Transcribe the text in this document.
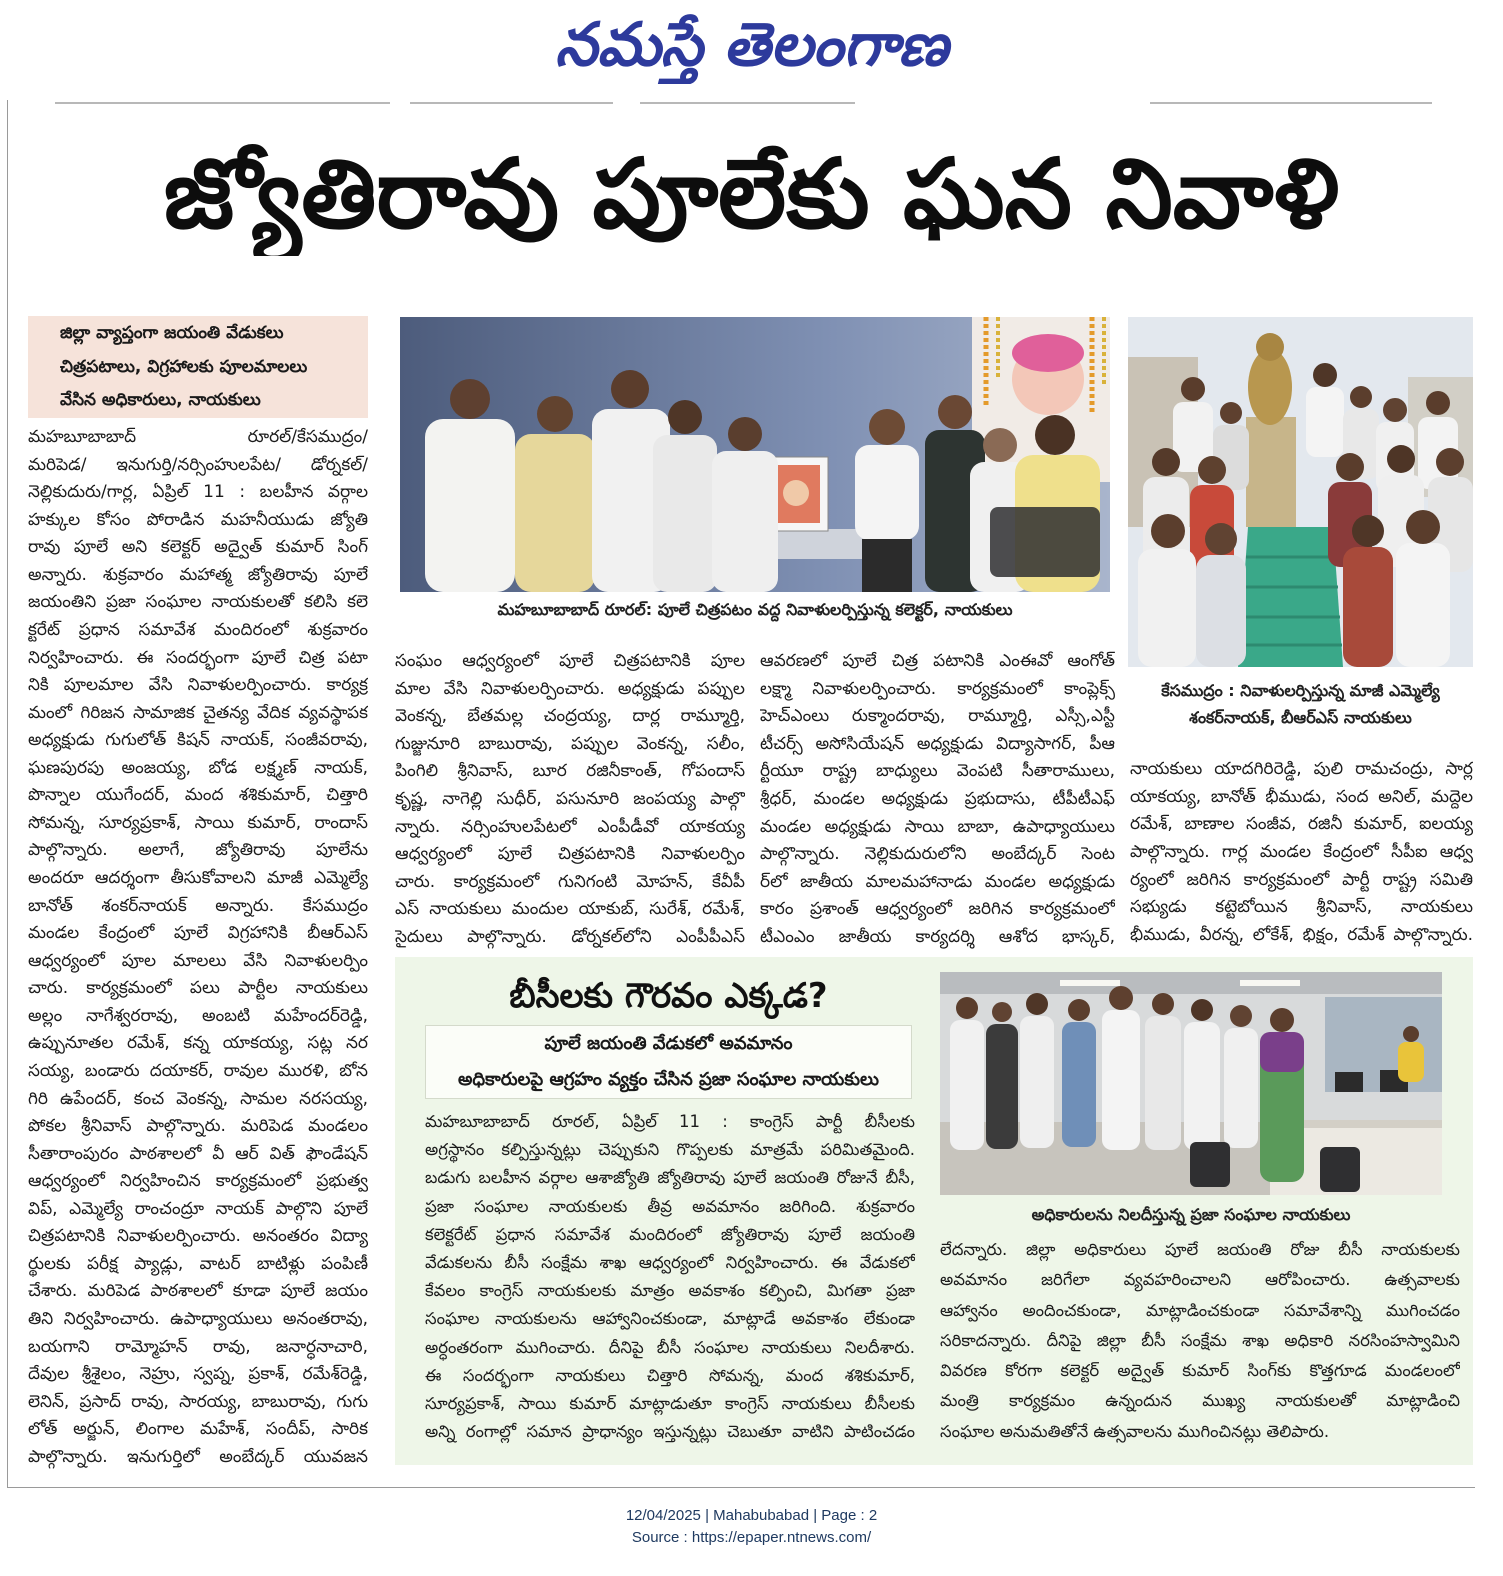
నమస్తే తెలంగాణ
జ్యోతిరావు పూలేకు ఘన నివాళి
జిల్లా వ్యాప్తంగా జయంతి వేడుకలు
చిత్రపటాలు, విగ్రహాలకు పూలమాలలు
వేసిన అధికారులు, నాయకులు
మహబూబాబాద్ రూరల్/కేసముద్రం/
మరిపెడ/ ఇనుగుర్తి/నర్సింహులపేట/ డోర్నకల్/
నెల్లికుదురు/గార్ల, ఏప్రిల్ 11 : బలహీన వర్గాల
హక్కుల కోసం పోరాడిన మహనీయుడు జ్యోతి
రావు పూలే అని కలెక్టర్ అద్వైత్ కుమార్ సింగ్
అన్నారు. శుక్రవారం మహాత్మ జ్యోతిరావు పూలే
జయంతిని ప్రజా సంఘాల నాయకులతో కలిసి కలె
క్టరేట్ ప్రధాన సమావేశ మందిరంలో శుక్రవారం
నిర్వహించారు. ఈ సందర్భంగా పూలే చిత్ర పటా
నికి పూలమాల వేసి నివాళులర్పించారు. కార్యక్ర
మంలో గిరిజన సామాజిక చైతన్య వేదిక వ్యవస్థాపక
అధ్యక్షుడు గుగులోత్ కిషన్ నాయక్, సంజీవరావు,
ఘణపురపు అంజయ్య, బోడ లక్ష్మణ్ నాయక్,
పొన్నాల యుగేందర్, మంద శశికుమార్, చిత్తారి
సోమన్న, సూర్యప్రకాశ్, సాయి కుమార్, రాందాస్
పాల్గొన్నారు. అలాగే, జ్యోతిరావు పూలేను
అందరూ ఆదర్శంగా తీసుకోవాలని మాజీ ఎమ్మెల్యే
బానోత్ శంకర్‌నాయక్ అన్నారు. కేసముద్రం
మండల కేంద్రంలో పూలే విగ్రహానికి బీఆర్ఎస్
ఆధ్వర్యంలో పూల మాలలు వేసి నివాళులర్పిం
చారు. కార్యక్రమంలో పలు పార్టీల నాయకులు
అల్లం నాగేశ్వరరావు, అంబటి మహేందర్‌రెడ్డి,
ఉప్పునూతల రమేశ్, కన్న యాకయ్య, సట్ల నర
సయ్య, బండారు దయాకర్, రావుల మురళి, బోన
గిరి ఉపేందర్, కంచ వెంకన్న, సామల నరసయ్య,
పోకల శ్రీనివాస్ పాల్గొన్నారు. మరిపెడ మండలం
సీతారాంపురం పాఠశాలలో వీ ఆర్ విత్ ఫౌండేషన్
ఆధ్వర్యంలో నిర్వహించిన కార్యక్రమంలో ప్రభుత్వ
విప్, ఎమ్మెల్యే రాంచంద్రూ నాయక్ పాల్గొని పూలే
చిత్రపటానికి నివాళులర్పించారు. అనంతరం విద్యా
ర్థులకు పరీక్ష ప్యాడ్లు, వాటర్ బాటిళ్లు పంపిణీ
చేశారు. మరిపెడ పాఠశాలలో కూడా పూలే జయం
తిని నిర్వహించారు. ఉపాధ్యాయులు అనంతరావు,
బయగాని రామ్మోహన్ రావు, జనార్ధనాచారి,
దేవుల శ్రీశైలం, నెహ్రు, స్వప్న, ప్రకాశ్, రమేశ్‌రెడ్డి,
లెనిన్, ప్రసాద్ రావు, సారయ్య, బాబురావు, గుగు
లోత్ అర్జున్, లింగాల మహేశ్, సందీప్, సారిక
పాల్గొన్నారు. ఇనుగుర్తిలో అంబేద్కర్ యువజన
మహబూబాబాద్ రూరల్: పూలే చిత్రపటం వద్ద నివాళులర్పిస్తున్న కలెక్టర్, నాయకులు
కేసముద్రం : నివాళులర్పిస్తున్న మాజీ ఎమ్మెల్యే
శంకర్‌నాయక్, బీఆర్ఎస్ నాయకులు
సంఘం ఆధ్వర్యంలో పూలే చిత్రపటానికి పూల
మాల వేసి నివాళులర్పించారు. అధ్యక్షుడు పప్పుల
వెంకన్న, బేతమల్ల చంద్రయ్య, దార్ల రామ్మూర్తి,
గుజ్జునూరి బాబురావు, పప్పుల వెంకన్న, సలీం,
పింగిలి శ్రీనివాస్, బూర రజినీకాంత్, గోపందాస్
కృష్ణ, నాగెల్లి సుధీర్, పసునూరి జంపయ్య పాల్గొ
న్నారు. నర్సింహులపేటలో ఎంపీడీవో యాకయ్య
ఆధ్వర్యంలో పూలే చిత్రపటానికి నివాళులర్పిం
చారు. కార్యక్రమంలో గునిగంటి మోహన్, కేవీపీ
ఎస్ నాయకులు మందుల యాకుబ్, సురేశ్, రమేశ్,
సైదులు పాల్గొన్నారు. డోర్నకల్‌లోని ఎంపీపీఎస్
ఆవరణలో పూలే చిత్ర పటానికి ఎంఈవో ఆంగోత్
లక్ష్మా నివాళులర్పించారు. కార్యక్రమంలో కాంప్లెక్స్
హెచ్‌ఎంలు రుక్మాందరావు, రామ్మూర్తి, ఎస్సీ,ఎస్టీ
టీచర్స్ అసోసియేషన్ అధ్యక్షుడు విద్యాసాగర్, పీఆ
ర్టీయూ రాష్ట్ర బాధ్యులు వెంపటి సీతారాములు,
శ్రీధర్, మండల అధ్యక్షుడు ప్రభుదాసు, టీపీటీఎఫ్
మండల అధ్యక్షుడు సాయి బాబా, ఉపాధ్యాయులు
పాల్గొన్నారు. నెల్లికుదురులోని అంబేద్కర్ సెంట
ర్‌లో జాతీయ మాలమహానాడు మండల అధ్యక్షుడు
కారం ప్రశాంత్ ఆధ్వర్యంలో జరిగిన కార్యక్రమంలో
టీఎంఎం జాతీయ కార్యదర్శి ఆశోద భాస్కర్,
నాయకులు యాదగిరిరెడ్డి, పులి రామచంద్రు, సార్ల
యాకయ్య, బానోత్ భీముడు, సంద అనిల్, మద్దెల
రమేశ్, బాణాల సంజీవ, రజినీ కుమార్, ఐలయ్య
పాల్గొన్నారు. గార్ల మండల కేంద్రంలో సీపీఐ ఆధ్వ
ర్యంలో జరిగిన కార్యక్రమంలో పార్టీ రాష్ట్ర సమితి
సభ్యుడు కట్టెబోయిన శ్రీనివాస్, నాయకులు
భీముడు, వీరన్న, లోకేశ్, భిక్షం, రమేశ్ పాల్గొన్నారు.
బీసీలకు గౌరవం ఎక్కడ?
పూలే జయంతి వేడుకలో అవమానం
అధికారులపై ఆగ్రహం వ్యక్తం చేసిన ప్రజా సంఘాల నాయకులు
అధికారులను నిలదీస్తున్న ప్రజా సంఘాల నాయకులు
మహబూబాబాద్ రూరల్, ఏప్రిల్ 11 : కాంగ్రెస్ పార్టీ బీసీలకు
అగ్రస్థానం కల్పిస్తున్నట్లు చెప్పుకుని గొప్పలకు మాత్రమే పరిమితమైంది.
బడుగు బలహీన వర్గాల ఆశాజ్యోతి జ్యోతిరావు పూలే జయంతి రోజునే బీసీ,
ప్రజా సంఘాల నాయకులకు తీవ్ర అవమానం జరిగింది. శుక్రవారం
కలెక్టరేట్ ప్రధాన సమావేశ మందిరంలో జ్యోతిరావు పూలే జయంతి
వేడుకలను బీసీ సంక్షేమ శాఖ ఆధ్వర్యంలో నిర్వహించారు. ఈ వేడుకలో
కేవలం కాంగ్రెస్ నాయకులకు మాత్రం అవకాశం కల్పించి, మిగతా ప్రజా
సంఘాల నాయకులను ఆహ్వానించకుండా, మాట్లాడే అవకాశం లేకుండా
అర్ధంతరంగా ముగించారు. దీనిపై బీసీ సంఘాల నాయకులు నిలదీశారు.
ఈ సందర్భంగా నాయకులు చిత్తారి సోమన్న, మంద శశికుమార్,
సూర్యప్రకాశ్, సాయి కుమార్ మాట్లాడుతూ కాంగ్రెస్ నాయకులు బీసీలకు
అన్ని రంగాల్లో సమాన ప్రాధాన్యం ఇస్తున్నట్లు చెబుతూ వాటిని పాటించడం
లేదన్నారు. జిల్లా అధికారులు పూలే జయంతి రోజు బీసీ నాయకులకు
అవమానం జరిగేలా వ్యవహరించాలని ఆరోపించారు. ఉత్సవాలకు
ఆహ్వానం అందించకుండా, మాట్లాడించకుండా సమావేశాన్ని ముగించడం
సరికాదన్నారు. దీనిపై జిల్లా బీసీ సంక్షేమ శాఖ అధికారి నరసింహస్వామిని
వివరణ కోరగా కలెక్టర్ అద్వైత్ కుమార్ సింగ్‌కు కొత్తగూడ మండలంలో
మంత్రి కార్యక్రమం ఉన్నందున ముఖ్య నాయకులతో మాట్లాడించి
సంఘాల అనుమతితోనే ఉత్సవాలను ముగించినట్లు తెలిపారు.
12/04/2025 | Mahabubabad | Page : 2
Source : https://epaper.ntnews.com/
